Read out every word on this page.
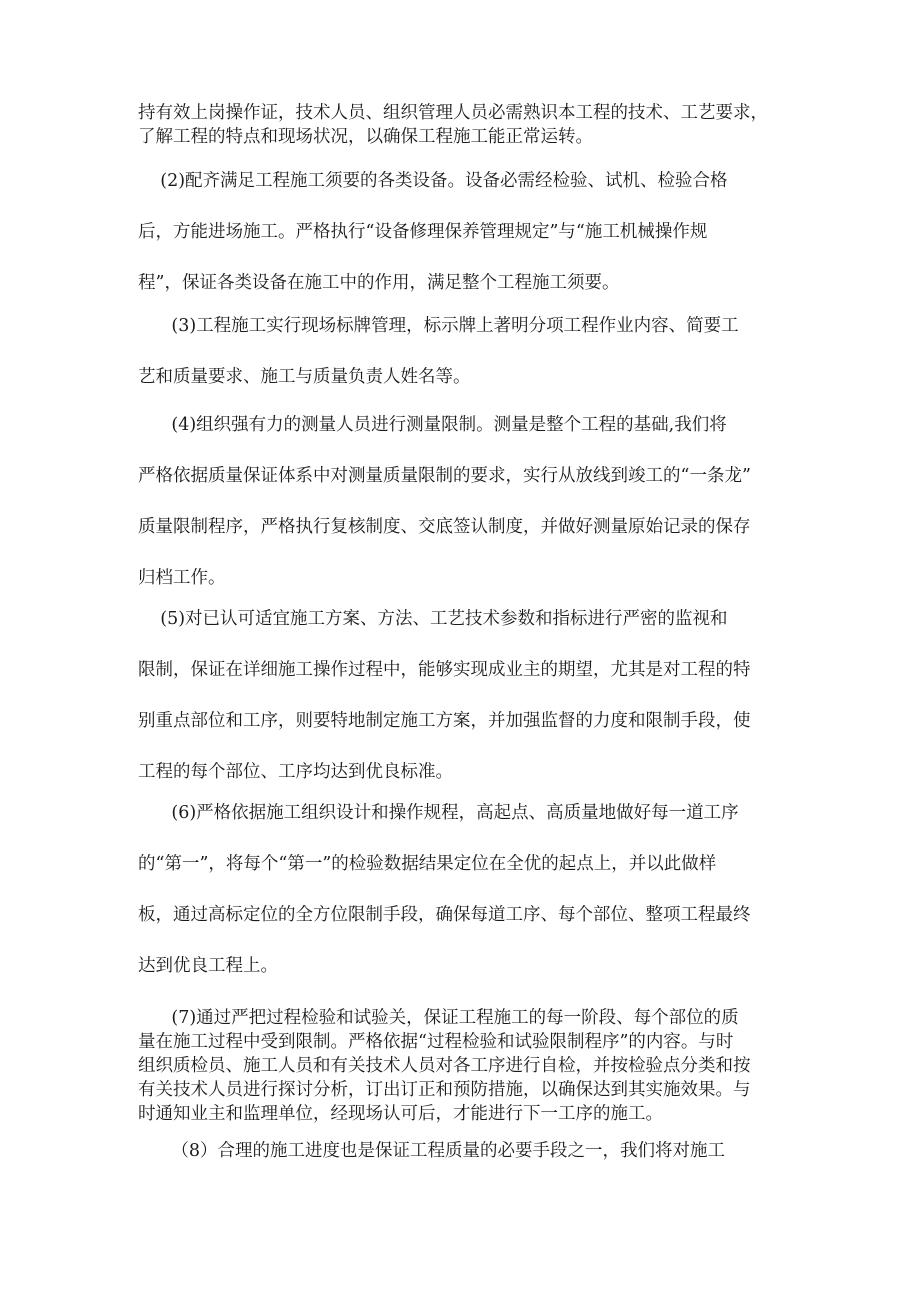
持有效上岗操作证，技术人员、组织管理人员必需熟识本工程的技术、工艺要求，
了解工程的特点和现场状况，以确保工程施工能正常运转。

(2)配齐满足工程施工须要的各类设备。设备必需经检验、试机、检验合格
后，方能进场施工。严格执行“设备修理保养管理规定”与“施工机械操作规
程”，保证各类设备在施工中的作用，满足整个工程施工须要。

(3)工程施工实行现场标牌管理，标示牌上著明分项工程作业内容、简要工
艺和质量要求、施工与质量负责人姓名等。

(4)组织强有力的测量人员进行测量限制。测量是整个工程的基础,我们将
严格依据质量保证体系中对测量质量限制的要求，实行从放线到竣工的“一条龙”
质量限制程序，严格执行复核制度、交底签认制度，并做好测量原始记录的保存
归档工作。

(5)对已认可适宜施工方案、方法、工艺技术参数和指标进行严密的监视和
限制，保证在详细施工操作过程中，能够实现成业主的期望，尤其是对工程的特
别重点部位和工序，则要特地制定施工方案，并加强监督的力度和限制手段，使
工程的每个部位、工序均达到优良标准。

(6)严格依据施工组织设计和操作规程，高起点、高质量地做好每一道工序
的“第一”，将每个“第一”的检验数据结果定位在全优的起点上，并以此做样
板，通过高标定位的全方位限制手段，确保每道工序、每个部位、整项工程最终
达到优良工程上。

(7)通过严把过程检验和试验关，保证工程施工的每一阶段、每个部位的质
量在施工过程中受到限制。严格依据“过程检验和试验限制程序”的内容。与时
组织质检员、施工人员和有关技术人员对各工序进行自检，并按检验点分类和按
有关技术人员进行探讨分析，订出订正和预防措施，以确保达到其实施效果。与
时通知业主和监理单位，经现场认可后，才能进行下一工序的施工。

（8）合理的施工进度也是保证工程质量的必要手段之一，我们将对施工
